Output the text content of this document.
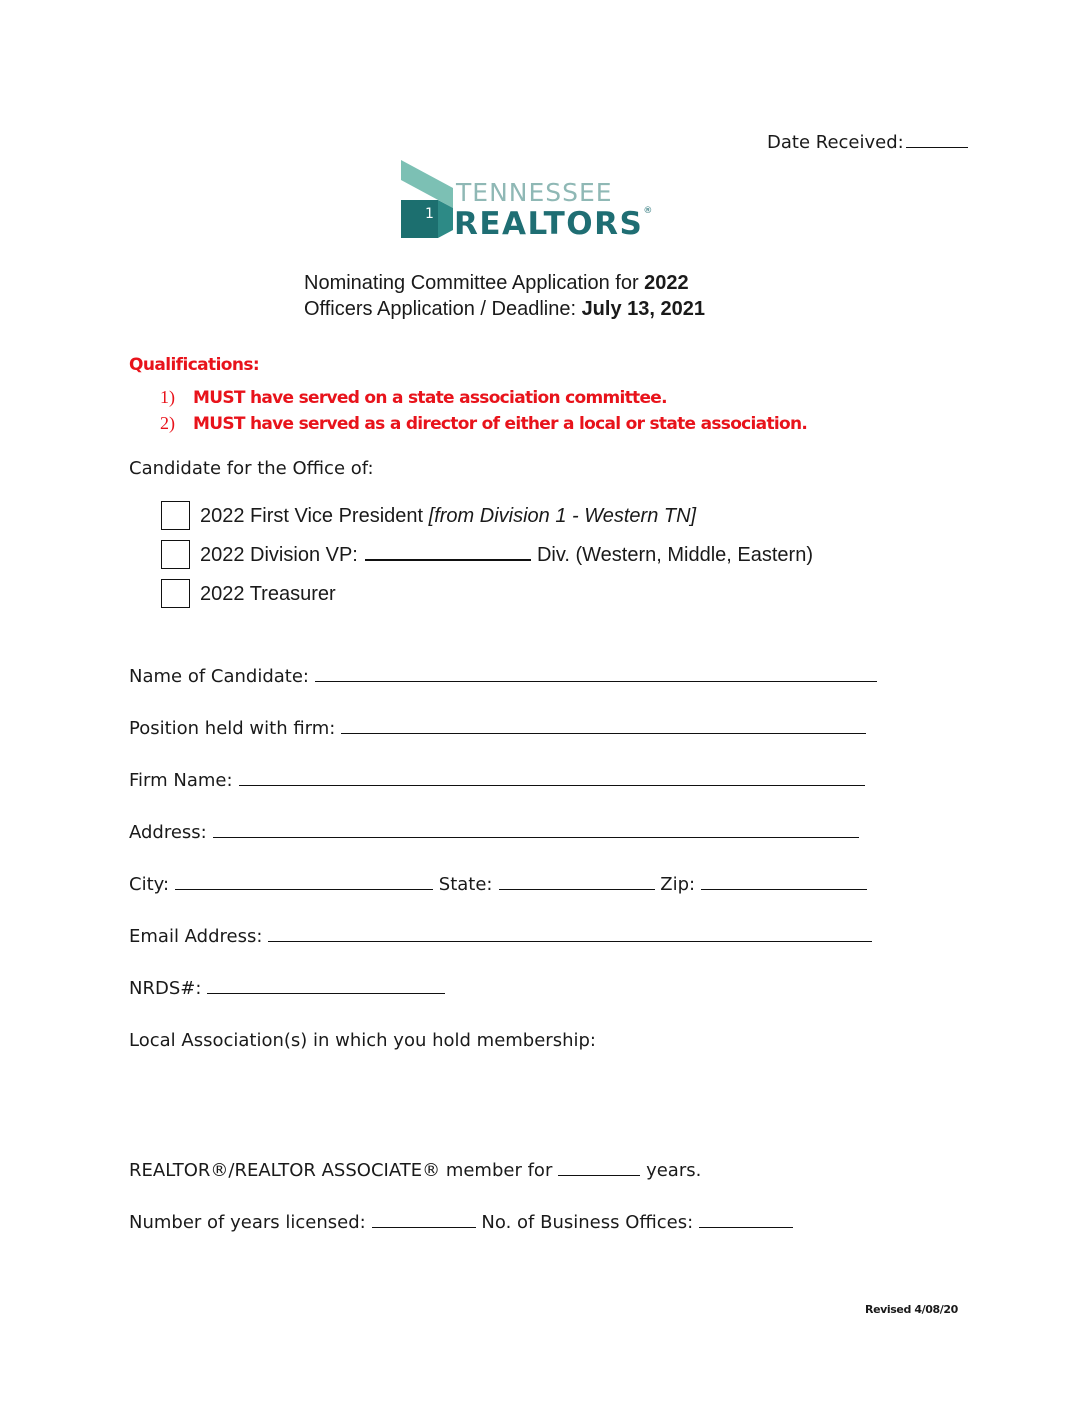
Date Received:
1
TENNESSEE
REALTORS®
Nominating Committee Application for 2022
Officers Application / Deadline: July 13, 2021
Qualifications:
1) MUST have served on a state association committee.
2) MUST have served as a director of either a local or state association.
Candidate for the Office of:
2022 First Vice President [from Division 1 - Western TN]
2022 Division VP:	Div. (Western, Middle, Eastern)
2022 Treasurer
Name of Candidate:
Position held with firm:
Firm Name:
Address:
City:	State:	Zip:
Email Address:
NRDS#:
Local Association(s) in which you hold membership:
REALTOR®/REALTOR ASSOCIATE® member for	years.
Number of years licensed:	No. of Business Offices:
Revised 4/08/20
